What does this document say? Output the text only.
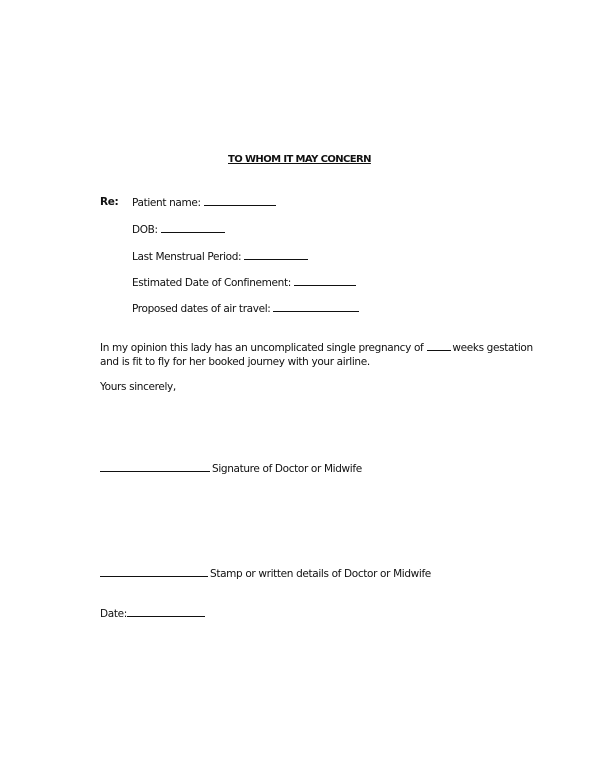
TO WHOM IT MAY CONCERN
Re: Patient name:
DOB:
Last Menstrual Period:
Estimated Date of Confinement:
Proposed dates of air travel:
In my opinion this lady has an uncomplicated single pregnancy of	weeks gestation
and is fit to fly for her booked journey with your airline.
Yours sincerely,
Signature of Doctor or Midwife
Stamp or written details of Doctor or Midwife
Date:
